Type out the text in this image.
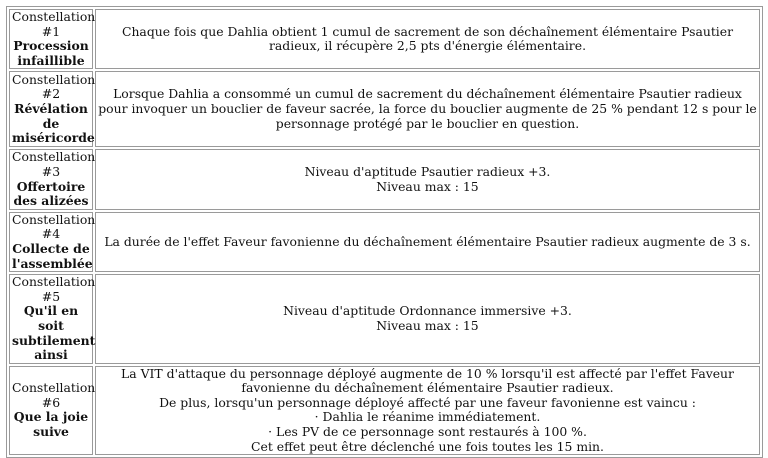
Constellation #1
Procession infaillible	Chaque fois que Dahlia obtient 1 cumul de sacrement de son déchaînement élémentaire Psautier radieux, il récupère 2,5 pts d'énergie élémentaire.

Constellation #2
Révélation de miséricorde	Lorsque Dahlia a consommé un cumul de sacrement du déchaînement élémentaire Psautier radieux pour invoquer un bouclier de faveur sacrée, la force du bouclier augmente de 25 % pendant 12 s pour le personnage protégé par le bouclier en question.

Constellation #3
Offertoire des alizées	Niveau d'aptitude Psautier radieux +3.
Niveau max : 15

Constellation #4
Collecte de l'assemblée	La durée de l'effet Faveur favonienne du déchaînement élémentaire Psautier radieux augmente de 3 s.

Constellation #5
Qu'il en soit subtilement ainsi	Niveau d'aptitude Ordonnance immersive +3.
Niveau max : 15

Constellation #6
Que la joie suive	La VIT d'attaque du personnage déployé augmente de 10 % lorsqu'il est affecté par l'effet Faveur favonienne du déchaînement élémentaire Psautier radieux.
De plus, lorsqu'un personnage déployé affecté par une faveur favonienne est vaincu :
· Dahlia le réanime immédiatement.
· Les PV de ce personnage sont restaurés à 100 %.
Cet effet peut être déclenché une fois toutes les 15 min.
